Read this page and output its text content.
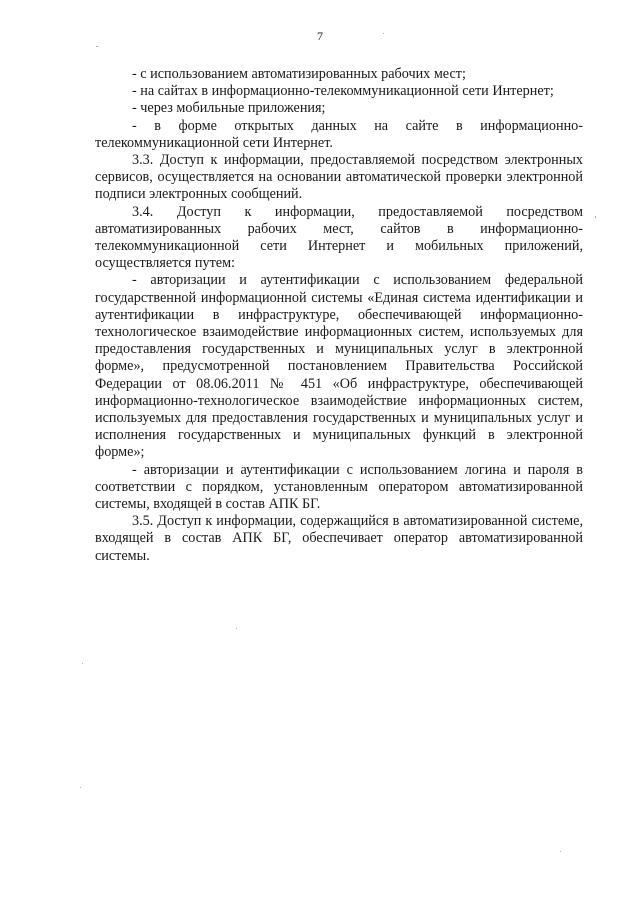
7

- с использованием автоматизированных рабочих мест;

- на сайтах в информационно-телекоммуникационной сети Интернет;

- через мобильные приложения;

- в форме открытых данных на сайте в информационно-телекоммуникационной сети Интернет.

3.3. Доступ к информации, предоставляемой посредством электронных сервисов, осуществляется на основании автоматической проверки электронной подписи электронных сообщений.

3.4. Доступ к информации, предоставляемой посредством автоматизированных рабочих мест, сайтов в информационно-телекоммуникационной сети Интернет и мобильных приложений, осуществляется путем:

- авторизации и аутентификации с использованием федеральной государственной информационной системы «Единая система идентификации и аутентификации в инфраструктуре, обеспечивающей информационно-технологическое взаимодействие информационных систем, используемых для предоставления государственных и муниципальных услуг в электронной форме», предусмотренной постановлением Правительства Российской Федерации от 08.06.2011 № 451 «Об инфраструктуре, обеспечивающей информационно-технологическое взаимодействие информационных систем, используемых для предоставления государственных и муниципальных услуг и исполнения государственных и муниципальных функций в электронной форме»;

- авторизации и аутентификации с использованием логина и пароля в соответствии с порядком, установленным оператором автоматизированной системы, входящей в состав АПК БГ.

3.5. Доступ к информации, содержащийся в автоматизированной системе, входящей в состав АПК БГ, обеспечивает оператор автоматизированной системы.
